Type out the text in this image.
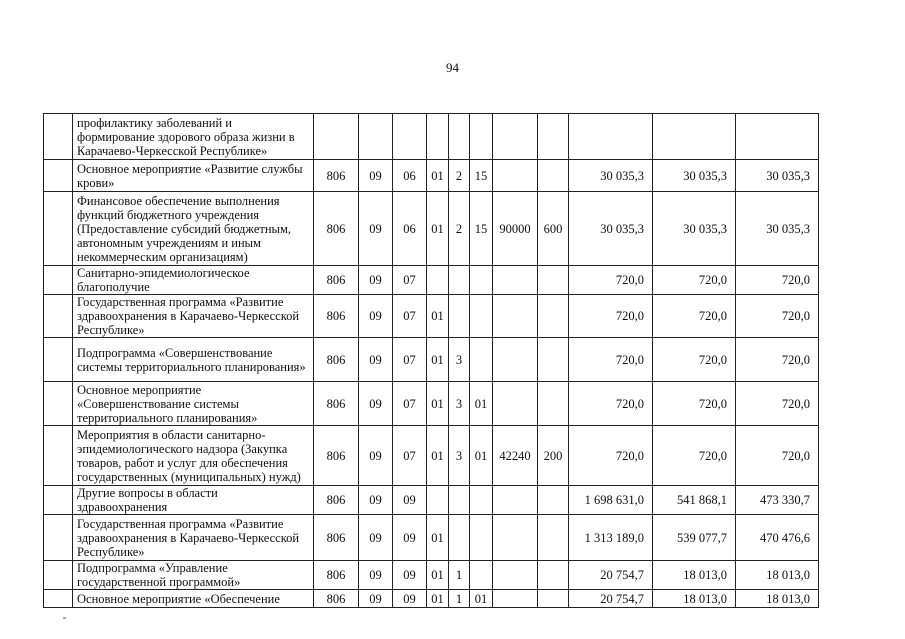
94
	профилактику заболеваний и формирование здорового образа жизни в Карачаево-Черкесской Республике»											
	Основное мероприятие «Развитие службы крови»	806	09	06	01	2	15			30 035,3	30 035,3	30 035,3
	Финансовое обеспечение выполнения функций бюджетного учреждения (Предоставление субсидий бюджетным, автономным учреждениям и иным некоммерческим организациям)	806	09	06	01	2	15	90000	600	30 035,3	30 035,3	30 035,3
	Санитарно-эпидемиологическое благополучие	806	09	07						720,0	720,0	720,0
	Государственная программа «Развитие здравоохранения в Карачаево-Черкесской Республике»	806	09	07	01					720,0	720,0	720,0
	Подпрограмма «Совершенствование системы территориального планирования»	806	09	07	01	3				720,0	720,0	720,0
	Основное мероприятие «Совершенствование системы территориального планирования»	806	09	07	01	3	01			720,0	720,0	720,0
	Мероприятия в области санитарно-эпидемиологического надзора (Закупка товаров, работ и услуг для обеспечения государственных (муниципальных) нужд)	806	09	07	01	3	01	42240	200	720,0	720,0	720,0
	Другие вопросы в области здравоохранения	806	09	09						1 698 631,0	541 868,1	473 330,7
	Государственная программа «Развитие здравоохранения в Карачаево-Черкесской Республике»	806	09	09	01					1 313 189,0	539 077,7	470 476,6
	Подпрограмма «Управление государственной программой»	806	09	09	01	1				20 754,7	18 013,0	18 013,0
	Основное мероприятие «Обеспечение	806	09	09	01	1	01			20 754,7	18 013,0	18 013,0
